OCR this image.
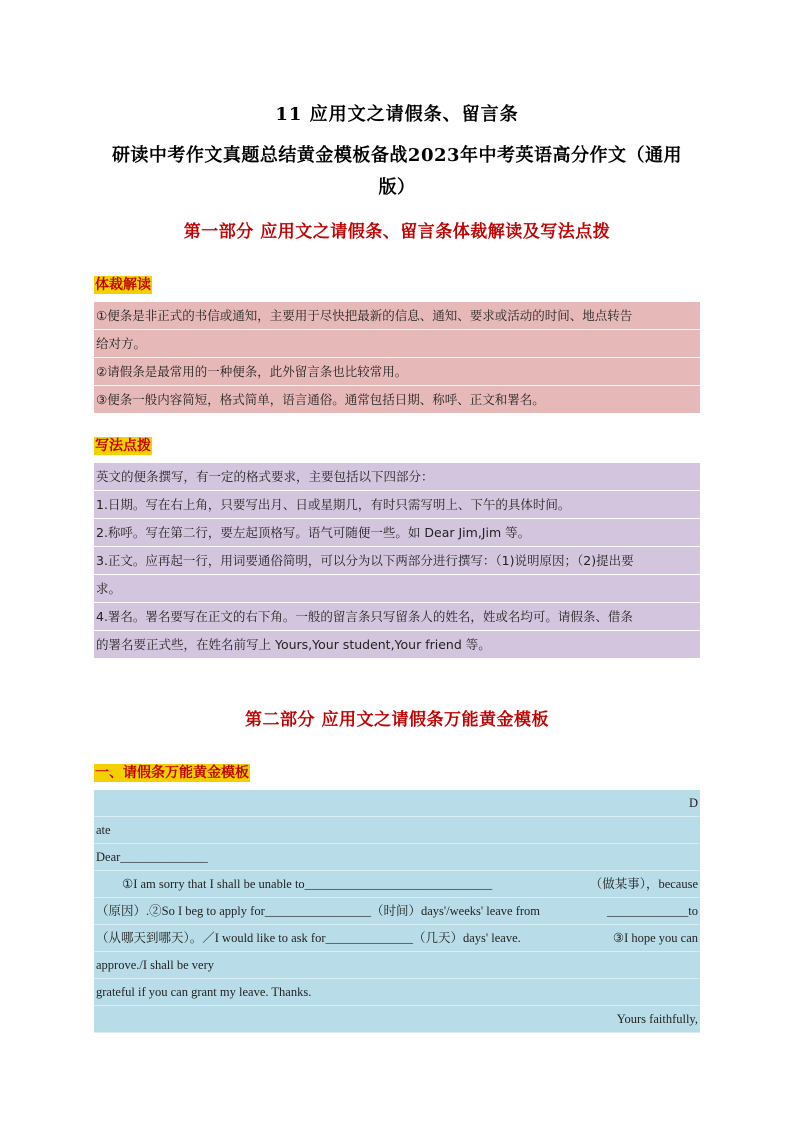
11 应用文之请假条、留言条
研读中考作文真题总结黄金模板备战2023年中考英语高分作文（通用版）
第一部分 应用文之请假条、留言条体裁解读及写法点拨
体裁解读
①便条是非正式的书信或通知，主要用于尽快把最新的信息、通知、要求或活动的时间、地点转告
给对方。
②请假条是最常用的一种便条，此外留言条也比较常用。
③便条一般内容简短，格式简单，语言通俗。通常包括日期、称呼、正文和署名。
写法点拨
英文的便条撰写，有一定的格式要求，主要包括以下四部分：
1.日期。写在右上角，只要写出月、日或星期几，有时只需写明上、下午的具体时间。
2.称呼。写在第二行，要左起顶格写。语气可随便一些。如 Dear Jim,Jim 等。
3.正文。应再起一行，用词要通俗简明，可以分为以下两部分进行撰写：（1)说明原因；（2)提出要
求。
4.署名。署名要写在正文的右下角。一般的留言条只写留条人的姓名，姓或名均可。请假条、借条
的署名要正式些，在姓名前写上 Yours,Your student,Your friend 等。
第二部分 应用文之请假条万能黄金模板
一、请假条万能黄金模板
D
ate
Dear______________
①I am sorry that I shall be unable to______________________________	（做某事），because
（原因）.②So I beg to apply for_________________（时间）days'/weeks' leave from	_____________to
（从哪天到哪天）。／I would like to ask for______________（几天）days' leave.	③I hope you can
approve./I shall be very
grateful if you can grant my leave. Thanks.
Yours faithfully,
